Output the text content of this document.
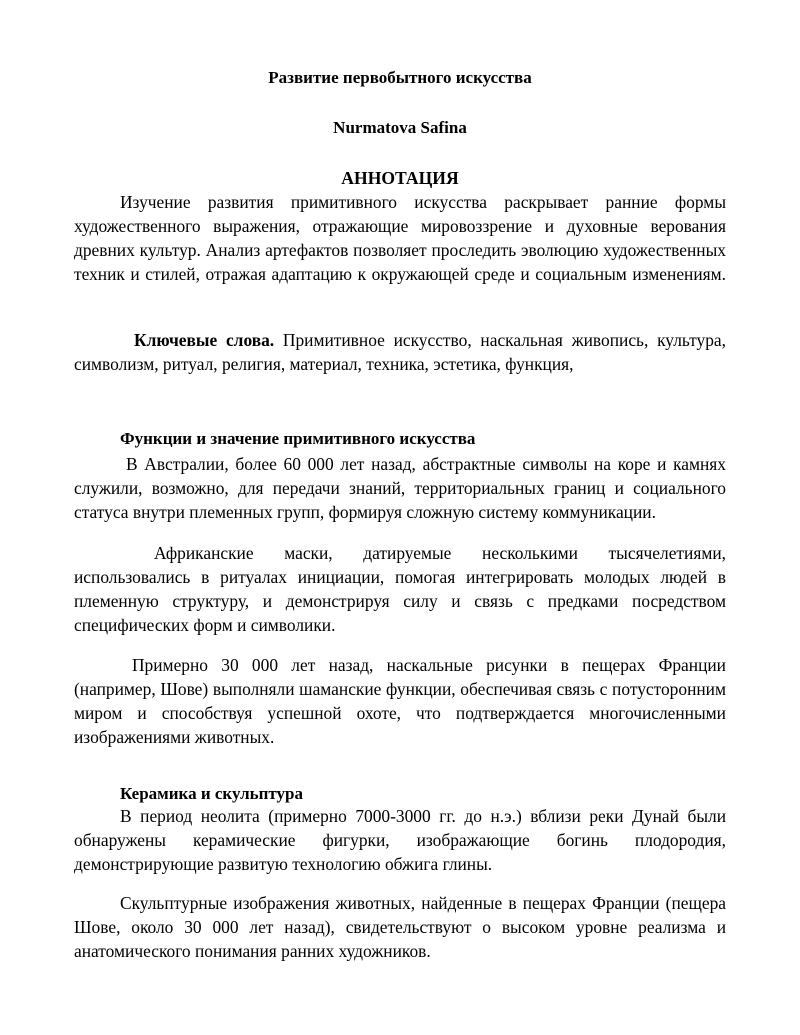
Развитие первобытного искусства

Nurmatova Safina

АННОТАЦИЯ

Изучение развития примитивного искусства раскрывает ранние формы художественного выражения, отражающие мировоззрение и духовные верования древних культур. Анализ артефактов позволяет проследить эволюцию художественных техник и стилей, отражая адаптацию к окружающей среде и социальным изменениям.

Ключевые слова. Примитивное искусство, наскальная живопись, культура, символизм, ритуал, религия, материал, техника, эстетика, функция,

Функции и значение примитивного искусства

В Австралии, более 60 000 лет назад, абстрактные символы на коре и камнях служили, возможно, для передачи знаний, территориальных границ и социального статуса внутри племенных групп, формируя сложную систему коммуникации.

Африканские маски, датируемые несколькими тысячелетиями, использовались в ритуалах инициации, помогая интегрировать молодых людей в племенную структуру, и демонстрируя силу и связь с предками посредством специфических форм и символики.

Примерно 30 000 лет назад, наскальные рисунки в пещерах Франции (например, Шове) выполняли шаманские функции, обеспечивая связь с потусторонним миром и способствуя успешной охоте, что подтверждается многочисленными изображениями животных.

Керамика и скульптура

В период неолита (примерно 7000-3000 гг. до н.э.) вблизи реки Дунай были обнаружены керамические фигурки, изображающие богинь плодородия, демонстрирующие развитую технологию обжига глины.

Скульптурные изображения животных, найденные в пещерах Франции (пещера Шове, около 30 000 лет назад), свидетельствуют о высоком уровне реализма и анатомического понимания ранних художников.
